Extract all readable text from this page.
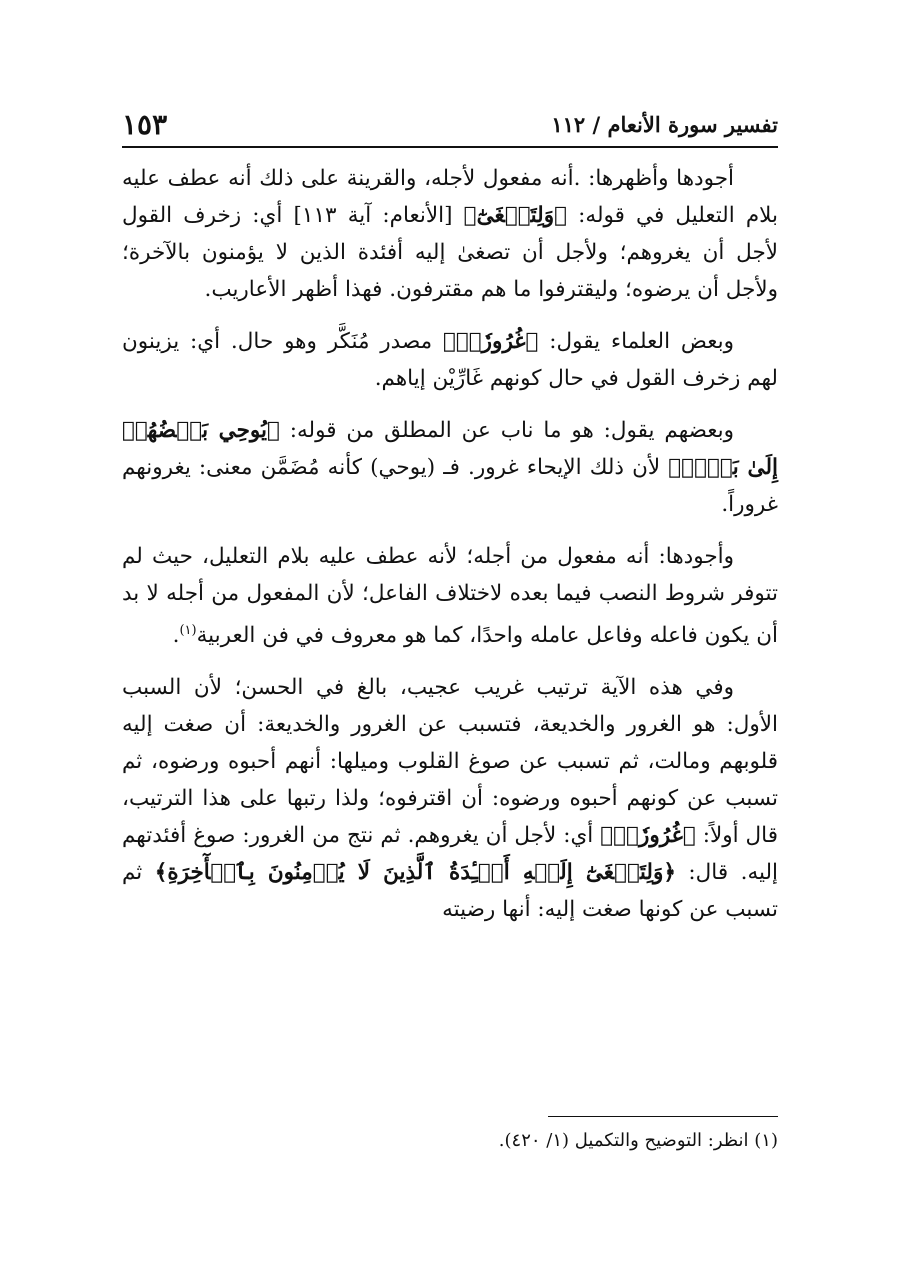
تفسير سورة الأنعام / ١١٢
١٥٣

أجودها وأظهرها: .أنه مفعول لأجله، والقرينة على ذلك أنه عطف عليه بلام التعليل في قوله: ﴿وَلِتَصۡغَىٰٓ﴾ [الأنعام: آية ١١٣] أي: زخرف القول لأجل أن يغروهم؛ ولأجل أن تصغىٰ إليه أفئدة الذين لا يؤمنون بالآخرة؛ ولأجل أن يرضوه؛ وليقترفوا ما هم مقترفون. فهذا أظهر الأعاريب.

وبعض العلماء يقول: ﴿غُرُورٗاۚ﴾ مصدر مُنَكَّر وهو حال. أي: يزينون لهم زخرف القول في حال كونهم غَارِّيْن إياهم.

وبعضهم يقول: هو ما ناب عن المطلق من قوله: ﴿يُوحِي بَعۡضُهُمۡ إِلَىٰ بَعۡضٖ﴾ لأن ذلك الإيحاء غرور. فـ (يوحي) كأنه مُضَمَّن معنى: يغرونهم غروراً.

وأجودها: أنه مفعول من أجله؛ لأنه عطف عليه بلام التعليل، حيث لم تتوفر شروط النصب فيما بعده لاختلاف الفاعل؛ لأن المفعول من أجله لا بد أن يكون فاعله وفاعل عامله واحدًا، كما هو معروف في فن العربية$^{(١)}$.

وفي هذه الآية ترتيب غريب عجيب، بالغ في الحسن؛ لأن السبب الأول: هو الغرور والخديعة، فتسبب عن الغرور والخديعة: أن صغت إليه قلوبهم ومالت، ثم تسبب عن صوغ القلوب وميلها: أنهم أحبوه ورضوه، ثم تسبب عن كونهم أحبوه ورضوه: أن اقترفوه؛ ولذا رتبها على هذا الترتيب، قال أولاً: ﴿غُرُورٗاۚ﴾ أي: لأجل أن يغروهم. ثم نتج من الغرور: صوغ أفئدتهم إليه. قال: ﴿وَلِتَصۡغَىٰٓ إِلَيۡهِ أَفۡـِٔدَةُ ٱلَّذِينَ لَا يُؤۡمِنُونَ بِٱلۡأٓخِرَةِ﴾ ثم تسبب عن كونها صغت إليه: أنها رضيته

(١) انظر: التوضيح والتكميل (١/ ٤٢٠).
